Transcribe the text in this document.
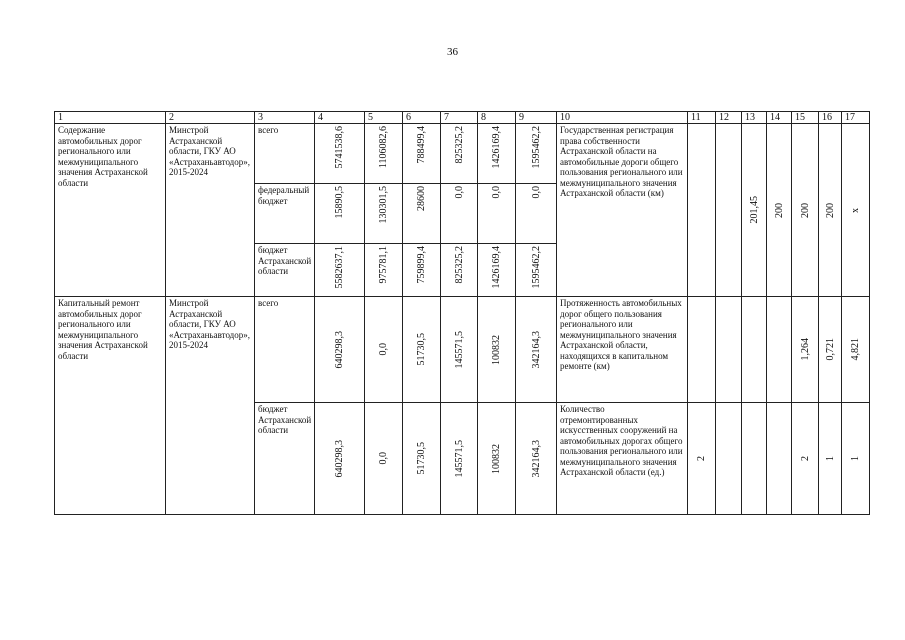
36
1	2	3	4	5	6	7	8	9	10	11	12	13	14	15	16	17
Содержание автомобильных дорог регионального или межмуниципального значения Астраханской области	Минстрой Астраханской области, ГКУ АО «Астраханьавтодор», 2015-2024	всего	5741538,6	1106082,6	788499,4	825325,2	1426169,4	1595462,2	Государственная регистрация права собственности Астраханской области на автомобильные дороги общего пользования регионального или межмуниципального значения Астраханской области (км)			201,45	200	200	200	х

		федеральный бюджет	15890,5	130301,5	28600	0,0	0,0	0,0								

		бюджет Астраханской области	5582637,1	975781,1	759899,4	825325,2	1426169,4	1595462,2								

Капитальный ремонт автомобильных дорог регионального или межмуниципального значения Астраханской области	Минстрой Астраханской области, ГКУ АО «Астраханьавтодор», 2015-2024	всего	640298,3	0,0	51730,5	145571,5	100832	342164,3	Протяженность автомобильных дорог общего пользования регионального или межмуниципального значения Астраханской области, находящихся в капитальном ремонте (км)					1,264	0,721	4,821

		бюджет Астраханской области	640298,3	0,0	51730,5	145571,5	100832	342164,3	Количество отремонтированных искусственных сооружений на автомобильных дорогах общего пользования регионального или межмуниципального значения Астраханской области (ед.)	2				2	1	1
